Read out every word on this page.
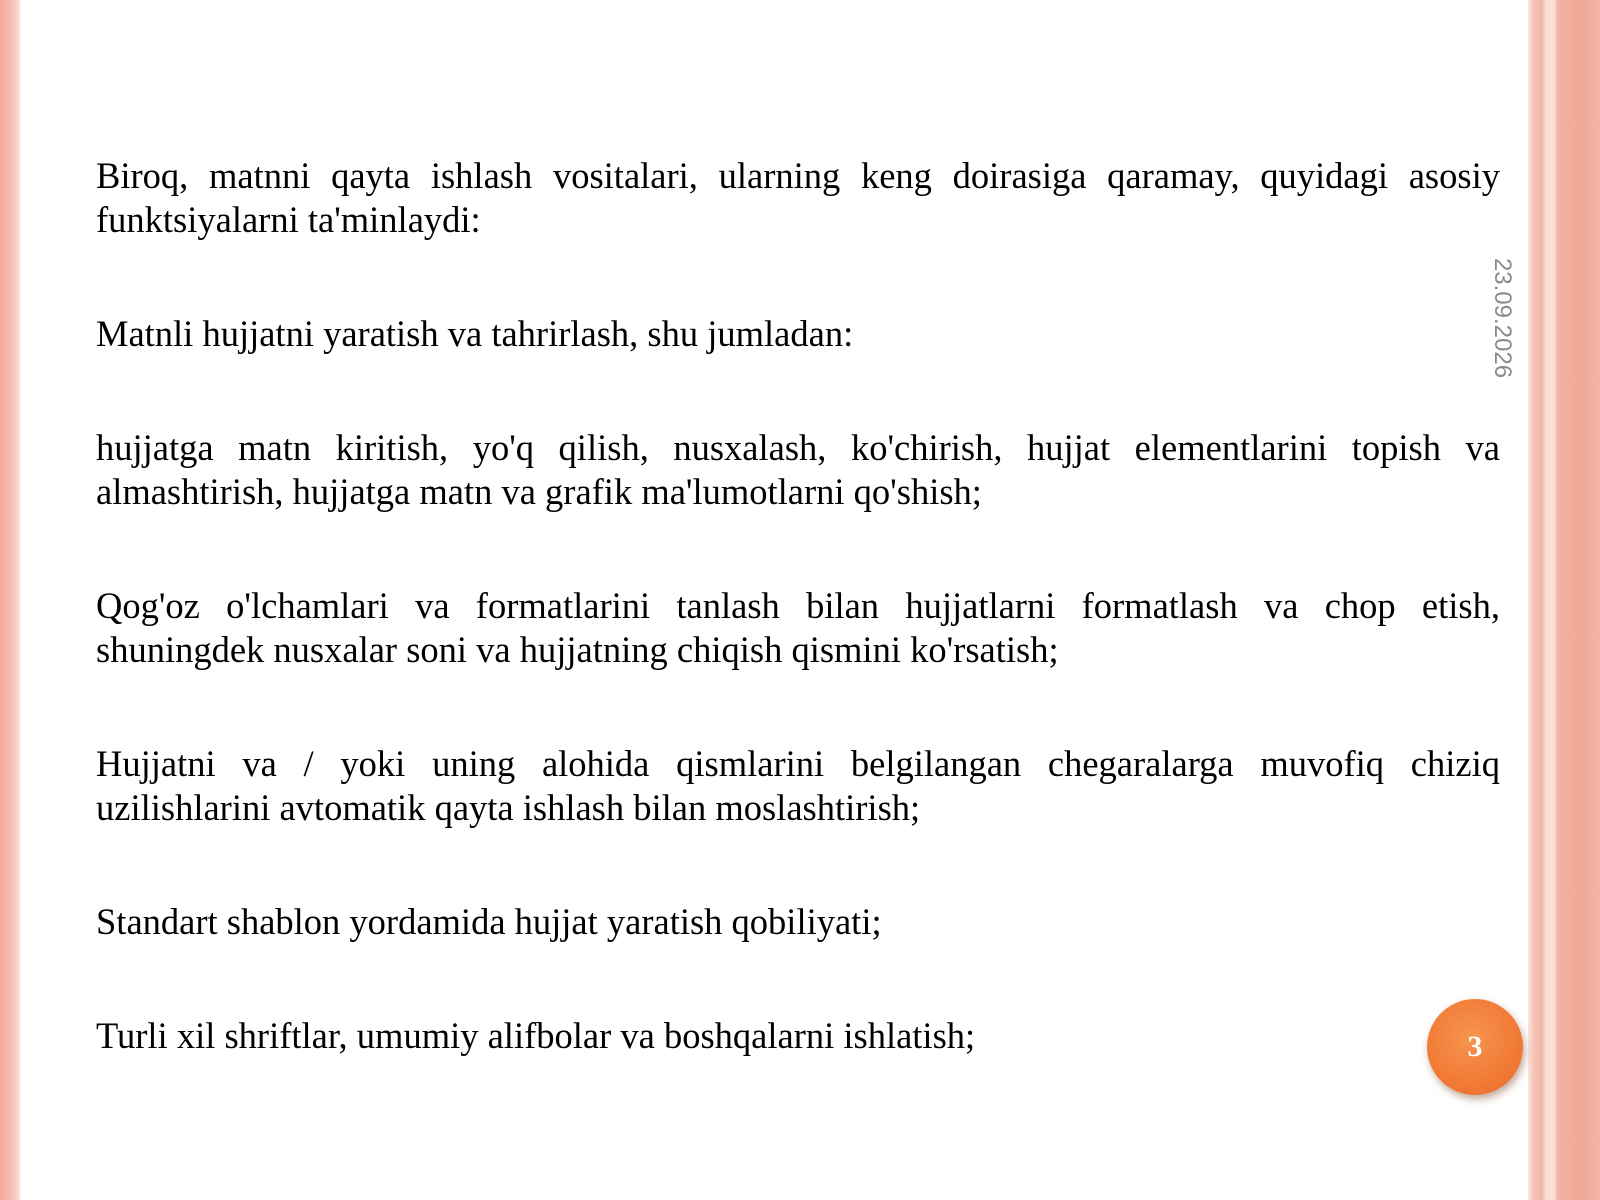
23.09.2026

Biroq, matnni qayta ishlash vositalari, ularning keng doirasiga qaramay, quyidagi asosiy funktsiyalarni ta'minlaydi:

Matnli hujjatni yaratish va tahrirlash, shu jumladan:

hujjatga matn kiritish, yo'q qilish, nusxalash, ko'chirish, hujjat elementlarini topish va almashtirish, hujjatga matn va grafik ma'lumotlarni qo'shish;

Qog'oz o'lchamlari va formatlarini tanlash bilan hujjatlarni formatlash va chop etish, shuningdek nusxalar soni va hujjatning chiqish qismini ko'rsatish;

Hujjatni va / yoki uning alohida qismlarini belgilangan chegaralarga muvofiq chiziq uzilishlarini avtomatik qayta ishlash bilan moslashtirish;

Standart shablon yordamida hujjat yaratish qobiliyati;

Turli xil shriftlar, umumiy alifbolar va boshqalarni ishlatish;	3
